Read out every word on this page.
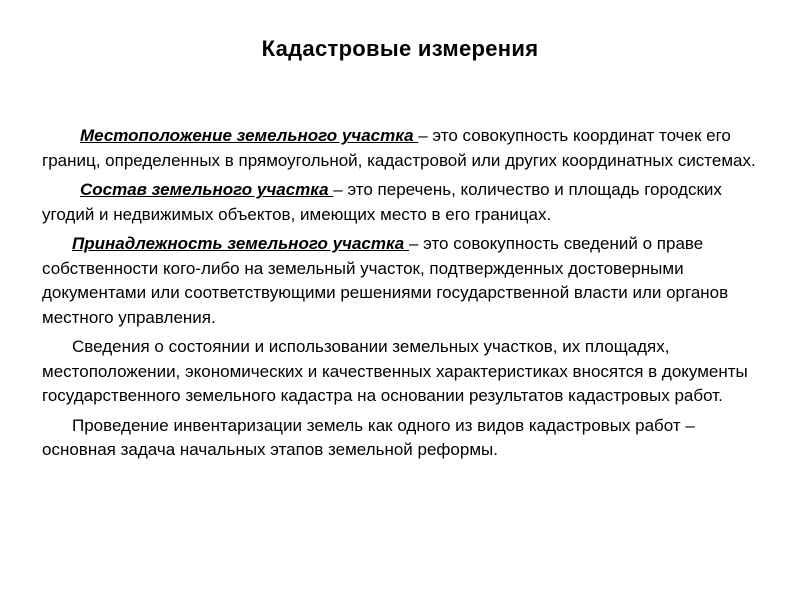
Кадастровые измерения

Местоположение земельного участка – это совокупность координат точек его границ, определенных в прямоугольной, кадастровой или других координатных системах.

Состав земельного участка – это перечень, количество и площадь городских угодий и недвижимых объектов, имеющих место в его границах.

Принадлежность земельного участка – это совокупность сведений о праве собственности кого-либо на земельный участок, подтвержденных достоверными документами или соответствующими решениями государственной власти или органов местного управления.

Сведения о состоянии и использовании земельных участков, их площадях, местоположении, экономических и качественных характеристиках вносятся в документы государственного земельного кадастра на основании результатов кадастровых работ.

Проведение инвентаризации земель как одного из видов кадастровых работ – основная задача начальных этапов земельной реформы.
